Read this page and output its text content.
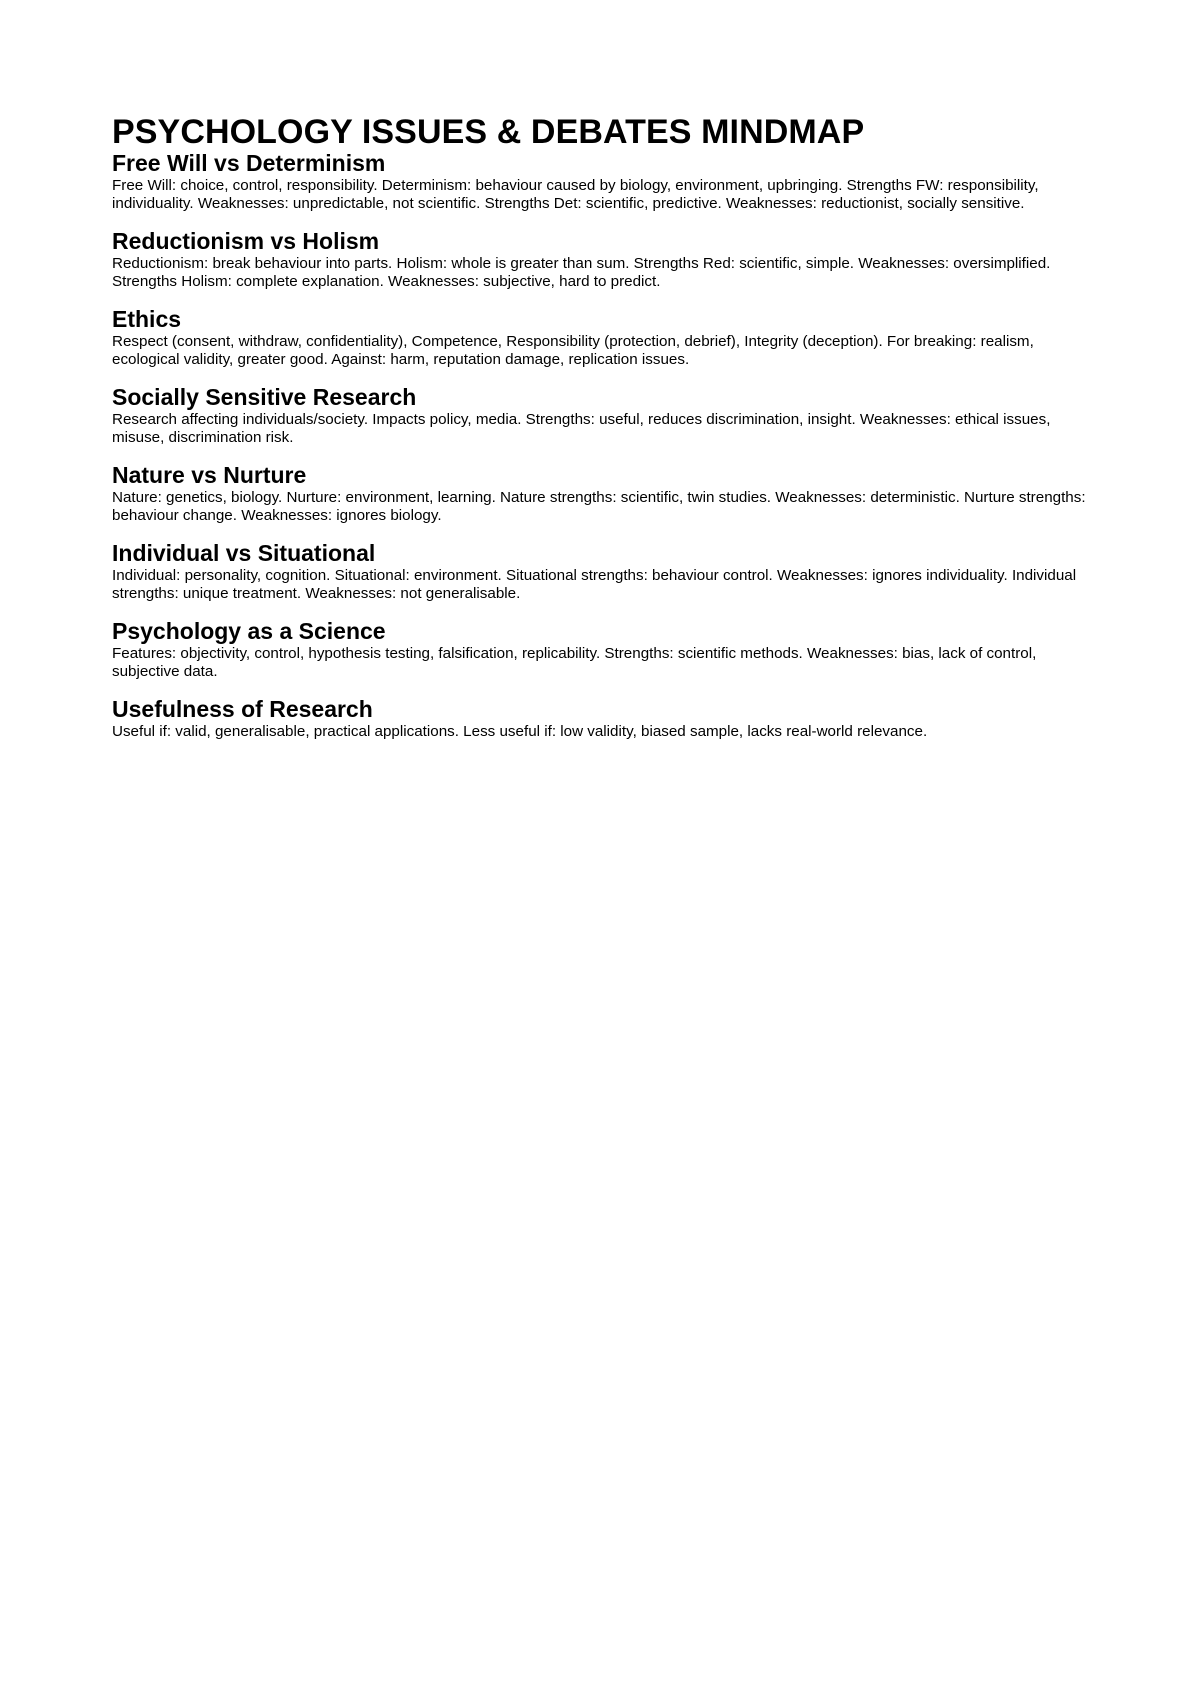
PSYCHOLOGY ISSUES & DEBATES MINDMAP
Free Will vs Determinism

Free Will: choice, control, responsibility. Determinism: behaviour caused by biology, environment, upbringing. Strengths FW: responsibility, individuality. Weaknesses: unpredictable, not scientific. Strengths Det: scientific, predictive. Weaknesses: reductionist, socially sensitive.

Reductionism vs Holism

Reductionism: break behaviour into parts. Holism: whole is greater than sum. Strengths Red: scientific, simple. Weaknesses: oversimplified. Strengths Holism: complete explanation. Weaknesses: subjective, hard to predict.

Ethics

Respect (consent, withdraw, confidentiality), Competence, Responsibility (protection, debrief), Integrity (deception). For breaking: realism, ecological validity, greater good. Against: harm, reputation damage, replication issues.

Socially Sensitive Research

Research affecting individuals/society. Impacts policy, media. Strengths: useful, reduces discrimination, insight. Weaknesses: ethical issues, misuse, discrimination risk.

Nature vs Nurture

Nature: genetics, biology. Nurture: environment, learning. Nature strengths: scientific, twin studies. Weaknesses: deterministic. Nurture strengths: behaviour change. Weaknesses: ignores biology.

Individual vs Situational

Individual: personality, cognition. Situational: environment. Situational strengths: behaviour control. Weaknesses: ignores individuality. Individual strengths: unique treatment. Weaknesses: not generalisable.

Psychology as a Science

Features: objectivity, control, hypothesis testing, falsification, replicability. Strengths: scientific methods. Weaknesses: bias, lack of control, subjective data.

Usefulness of Research

Useful if: valid, generalisable, practical applications. Less useful if: low validity, biased sample, lacks real-world relevance.
